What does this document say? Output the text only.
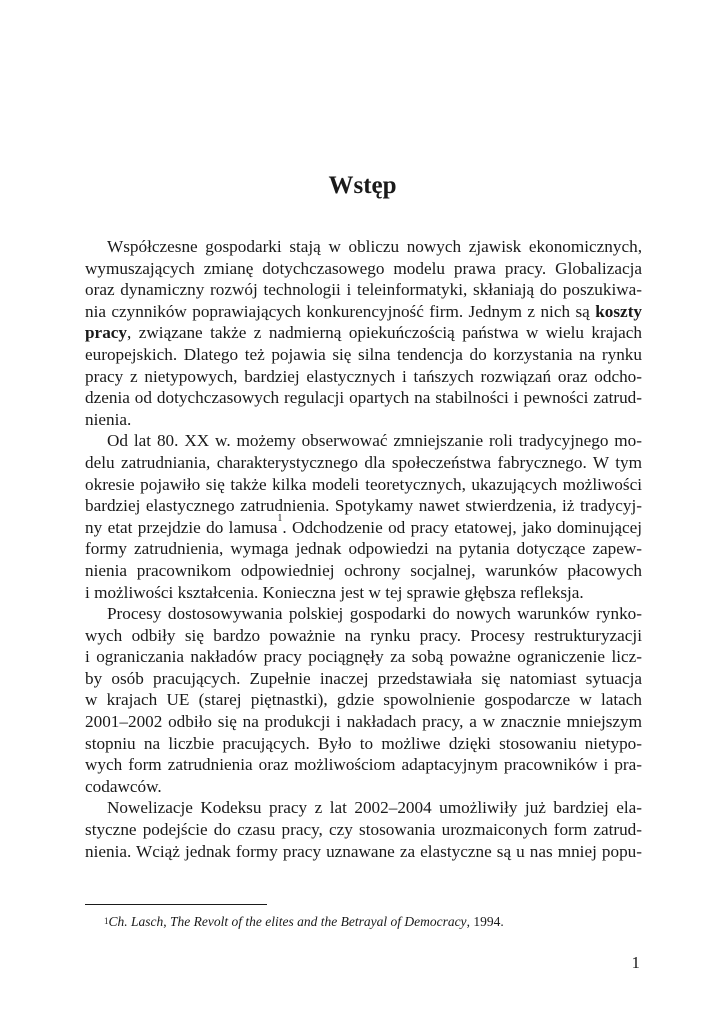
Wstęp
Współczesne gospodarki stają w obliczu nowych zjawisk ekonomicznych,
wymuszających zmianę dotychczasowego modelu prawa pracy. Globalizacja
oraz dynamiczny rozwój technologii i teleinformatyki, skłaniają do poszukiwa-
nia czynników poprawiających konkurencyjność firm. Jednym z nich są koszty
pracy, związane także z nadmierną opiekuńczością państwa w wielu krajach
europejskich. Dlatego też pojawia się silna tendencja do korzystania na rynku
pracy z nietypowych, bardziej elastycznych i tańszych rozwiązań oraz odcho-
dzenia od dotychczasowych regulacji opartych na stabilności i pewności zatrud-
nienia.
Od lat 80. XX w. możemy obserwować zmniejszanie roli tradycyjnego mo-
delu zatrudniania, charakterystycznego dla społeczeństwa fabrycznego. W tym
okresie pojawiło się także kilka modeli teoretycznych, ukazujących możliwości
bardziej elastycznego zatrudnienia. Spotykamy nawet stwierdzenia, iż tradycyj-
ny etat przejdzie do lamusa$^1$. Odchodzenie od pracy etatowej, jako dominującej
formy zatrudnienia, wymaga jednak odpowiedzi na pytania dotyczące zapew-
nienia pracownikom odpowiedniej ochrony socjalnej, warunków płacowych
i możliwości kształcenia. Konieczna jest w tej sprawie głębsza refleksja.
Procesy dostosowywania polskiej gospodarki do nowych warunków rynko-
wych odbiły się bardzo poważnie na rynku pracy. Procesy restrukturyzacji
i ograniczania nakładów pracy pociągnęły za sobą poważne ograniczenie licz-
by osób pracujących. Zupełnie inaczej przedstawiała się natomiast sytuacja
w krajach UE (starej piętnastki), gdzie spowolnienie gospodarcze w latach
2001–2002 odbiło się na produkcji i nakładach pracy, a w znacznie mniejszym
stopniu na liczbie pracujących. Było to możliwe dzięki stosowaniu nietypo-
wych form zatrudnienia oraz możliwościom adaptacyjnym pracowników i pra-
codawców.
Nowelizacje Kodeksu pracy z lat 2002–2004 umożliwiły już bardziej ela-
styczne podejście do czasu pracy, czy stosowania urozmaiconych form zatrud-
nienia. Wciąż jednak formy pracy uznawane za elastyczne są u nas mniej popu-
$^1$Ch. Lasch, The Revolt of the elites and the Betrayal of Democracy, 1994.
1
